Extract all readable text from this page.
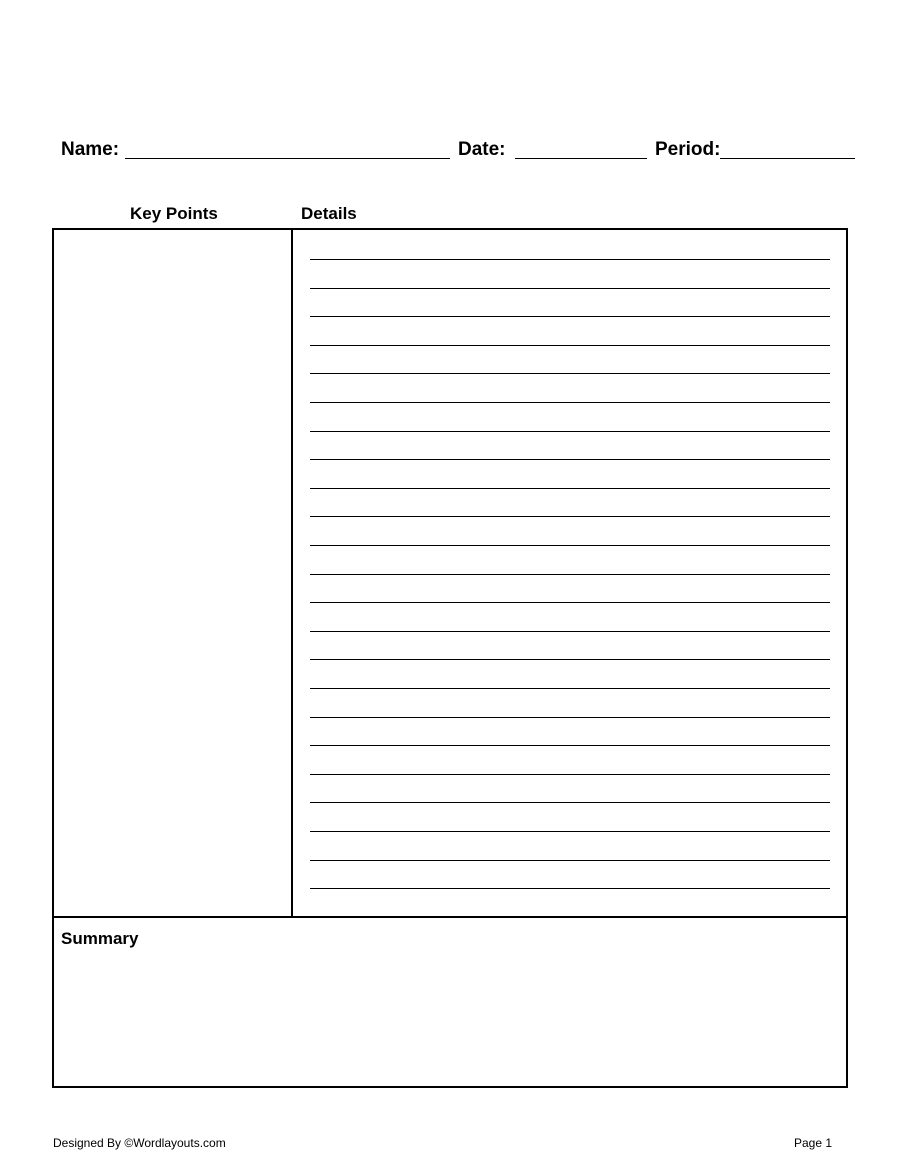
Name:	Date:	Period:
Key Points	Details
Summary
Designed By ©Wordlayouts.com	Page 1
